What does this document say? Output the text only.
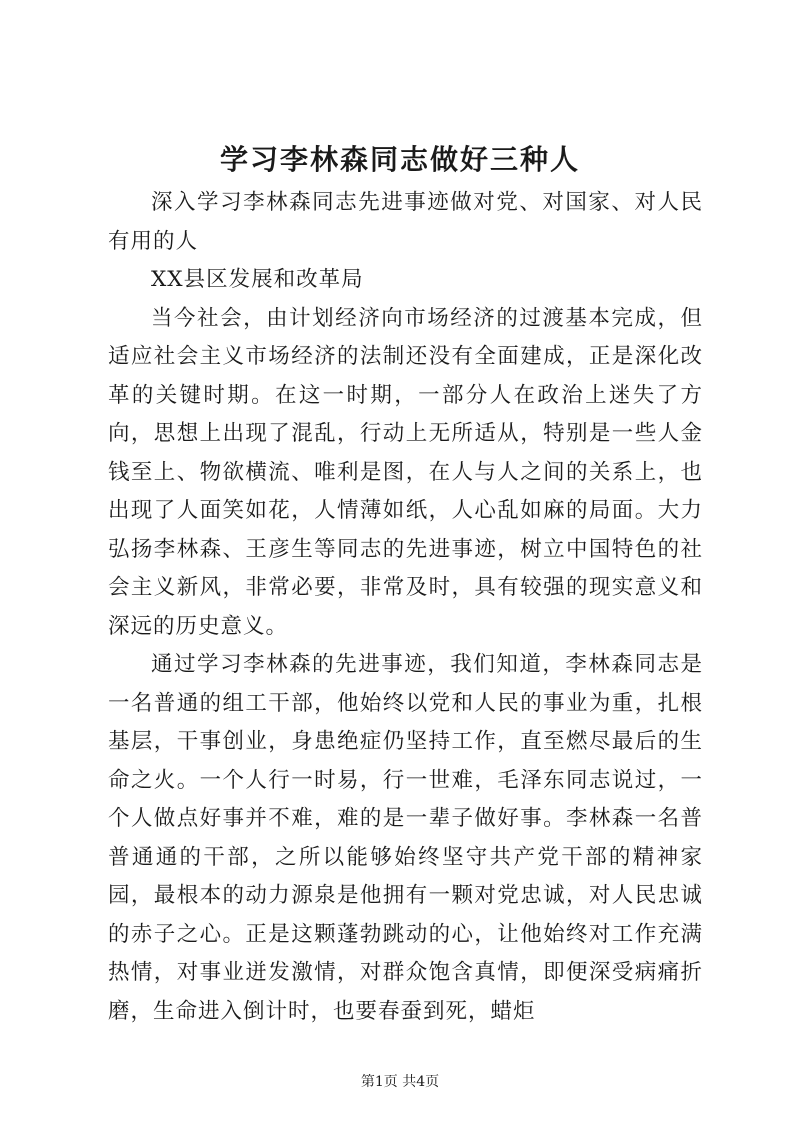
学习李林森同志做好三种人

深入学习李林森同志先进事迹做对党、对国家、对人民有用的人

XX县区发展和改革局

当今社会，由计划经济向市场经济的过渡基本完成，但适应社会主义市场经济的法制还没有全面建成，正是深化改革的关键时期。在这一时期，一部分人在政治上迷失了方向，思想上出现了混乱，行动上无所适从，特别是一些人金钱至上、物欲横流、唯利是图，在人与人之间的关系上，也出现了人面笑如花，人情薄如纸，人心乱如麻的局面。大力弘扬李林森、王彦生等同志的先进事迹，树立中国特色的社会主义新风，非常必要，非常及时，具有较强的现实意义和深远的历史意义。

通过学习李林森的先进事迹，我们知道，李林森同志是一名普通的组工干部，他始终以党和人民的事业为重，扎根基层，干事创业，身患绝症仍坚持工作，直至燃尽最后的生命之火。一个人行一时易，行一世难，毛泽东同志说过，一个人做点好事并不难，难的是一辈子做好事。李林森一名普普通通的干部，之所以能够始终坚守共产党干部的精神家园，最根本的动力源泉是他拥有一颗对党忠诚，对人民忠诚的赤子之心。正是这颗蓬勃跳动的心，让他始终对工作充满热情，对事业迸发激情，对群众饱含真情，即便深受病痛折磨，生命进入倒计时，也要春蚕到死，蜡炬

第1页 共4页
